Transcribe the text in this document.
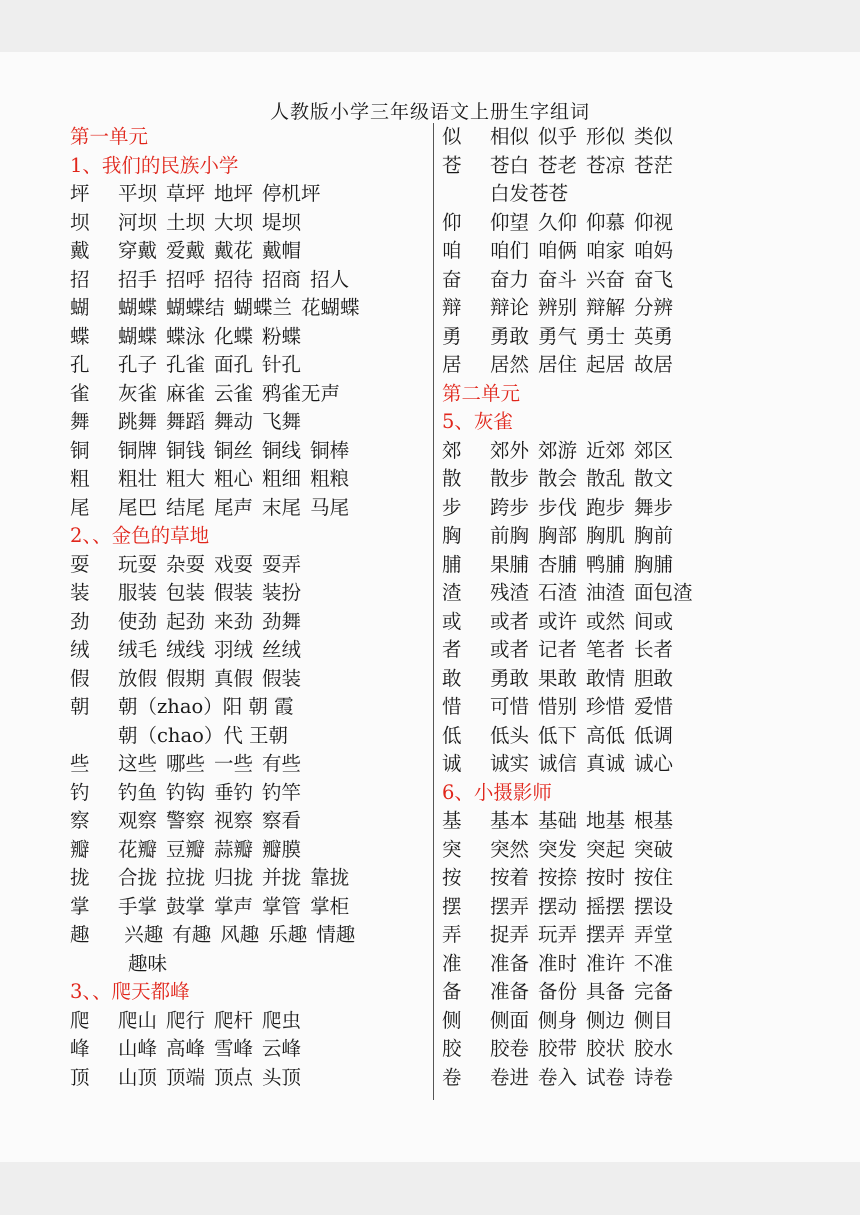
人教版小学三年级语文上册生字组词
第一单元
1、我们的民族小学
坪 平坝 草坪 地坪 停机坪
坝 河坝 土坝 大坝 堤坝
戴 穿戴 爱戴 戴花 戴帽
招 招手 招呼 招待 招商 招人
蝴 蝴蝶 蝴蝶结 蝴蝶兰 花蝴蝶
蝶 蝴蝶 蝶泳 化蝶 粉蝶
孔 孔子 孔雀 面孔 针孔
雀 灰雀 麻雀 云雀 鸦雀无声
舞 跳舞 舞蹈 舞动 飞舞
铜 铜牌 铜钱 铜丝 铜线 铜棒
粗 粗壮 粗大 粗心 粗细 粗粮
尾 尾巴 结尾 尾声 末尾 马尾
2、、金色的草地
耍 玩耍 杂耍 戏耍 耍弄
装 服装 包装 假装 装扮
劲 使劲 起劲 来劲 劲舞
绒 绒毛 绒线 羽绒 丝绒
假 放假 假期 真假 假装
朝 朝（zhao）阳 朝 霞
朝（chao）代 王朝
些 这些 哪些 一些 有些
钓 钓鱼 钓钩 垂钓 钓竿
察 观察 警察 视察 察看
瓣 花瓣 豆瓣 蒜瓣 瓣膜
拢 合拢 拉拢 归拢 并拢 靠拢
掌 手掌 鼓掌 掌声 掌管 掌柜
趣 兴趣 有趣 风趣 乐趣 情趣
趣味
3、、爬天都峰
爬 爬山 爬行 爬杆 爬虫
峰 山峰 高峰 雪峰 云峰
顶 山顶 顶端 顶点 头顶
似 相似 似乎 形似 类似
苍 苍白 苍老 苍凉 苍茫
白发苍苍
仰 仰望 久仰 仰慕 仰视
咱 咱们 咱俩 咱家 咱妈
奋 奋力 奋斗 兴奋 奋飞
辩 辩论 辨别 辩解 分辨
勇 勇敢 勇气 勇士 英勇
居 居然 居住 起居 故居
第二单元
5、灰雀
郊 郊外 郊游 近郊 郊区
散 散步 散会 散乱 散文
步 跨步 步伐 跑步 舞步
胸 前胸 胸部 胸肌 胸前
脯 果脯 杏脯 鸭脯 胸脯
渣 残渣 石渣 油渣 面包渣
或 或者 或许 或然 间或
者 或者 记者 笔者 长者
敢 勇敢 果敢 敢情 胆敢
惜 可惜 惜别 珍惜 爱惜
低 低头 低下 高低 低调
诚 诚实 诚信 真诚 诚心
6、小摄影师
基 基本 基础 地基 根基
突 突然 突发 突起 突破
按 按着 按捺 按时 按住
摆 摆弄 摆动 摇摆 摆设
弄 捉弄 玩弄 摆弄 弄堂
准 准备 准时 准许 不准
备 准备 备份 具备 完备
侧 侧面 侧身 侧边 侧目
胶 胶卷 胶带 胶状 胶水
卷 卷进 卷入 试卷 诗卷
